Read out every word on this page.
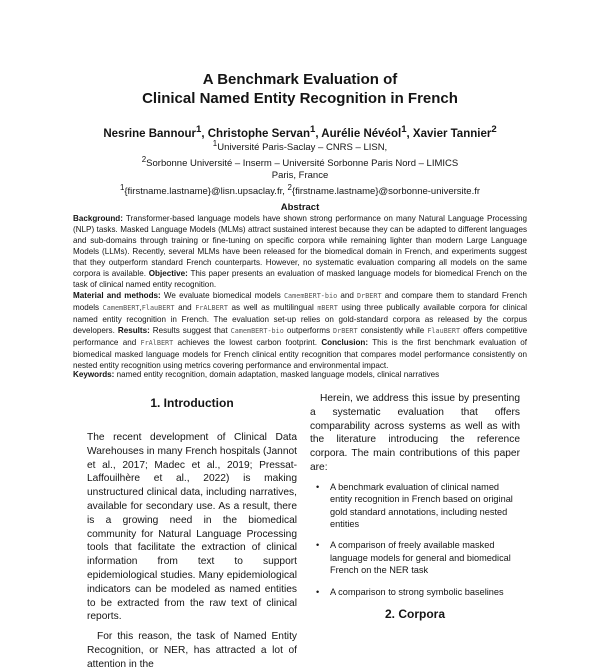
A Benchmark Evaluation of
Clinical Named Entity Recognition in French
Nesrine Bannour$^1$, Christophe Servan$^1$, Aurélie Névéol$^1$, Xavier Tannier$^2$
$^1$Université Paris-Saclay – CNRS – LISN,
$^2$Sorbonne Université – Inserm – Université Sorbonne Paris Nord – LIMICS
Paris, France
$^1${firstname.lastname}@lisn.upsaclay.fr, $^2${firstname.lastname}@sorbonne-universite.fr
Abstract

Background: Transformer-based language models have shown strong performance on many Natural Language Processing (NLP) tasks. Masked Language Models (MLMs) attract sustained interest because they can be adapted to different languages and sub-domains through training or fine-tuning on specific corpora while remaining lighter than modern Large Language Models (LLMs). Recently, several MLMs have been released for the biomedical domain in French, and experiments suggest that they outperform standard French counterparts. However, no systematic evaluation comparing all models on the same corpora is available. Objective: This paper presents an evaluation of masked language models for biomedical French on the task of clinical named entity recognition.

Material and methods: We evaluate biomedical models CamemBERT-bio and DrBERT and compare them to standard French models CamemBERT,FlauBERT and FrALBERT as well as multilingual mBERT using three publically available corpora for clinical named entity recognition in French. The evaluation set-up relies on gold-standard corpora as released by the corpus developers. Results: Results suggest that CamemBERT-bio outperforms DrBERT consistently while FlauBERT offers competitive performance and FrAlBERT achieves the lowest carbon footprint. Conclusion: This is the first benchmark evaluation of biomedical masked language models for French clinical entity recognition that compares model performance consistently on nested entity recognition using metrics covering performance and environmental impact.

Keywords: named entity recognition, domain adaptation, masked language models, clinical narratives
1. Introduction

The recent development of Clinical Data Warehouses in many French hospitals (Jannot et al., 2017; Madec et al., 2019; Pressat-Laffouilhère et al., 2022) is making unstructured clinical data, including narratives, available for secondary use. As a result, there is a growing need in the biomedical community for Natural Language Processing tools that facilitate the extraction of clinical information from text to support epidemiological studies. Many epidemiological indicators can be modeled as named entities to be extracted from the raw text of clinical reports.

For this reason, the task of Named Entity Recognition, or NER, has attracted a lot of attention in the

Herein, we address this issue by presenting a systematic evaluation that offers comparability across systems as well as with the literature introducing the reference corpora. The main contributions of this paper are:

• A benchmark evaluation of clinical named entity recognition in French based on original gold standard annotations, including nested entities
• A comparison of freely available masked language models for general and biomedical French on the NER task
• A comparison to strong symbolic baselines
2. Corpora
